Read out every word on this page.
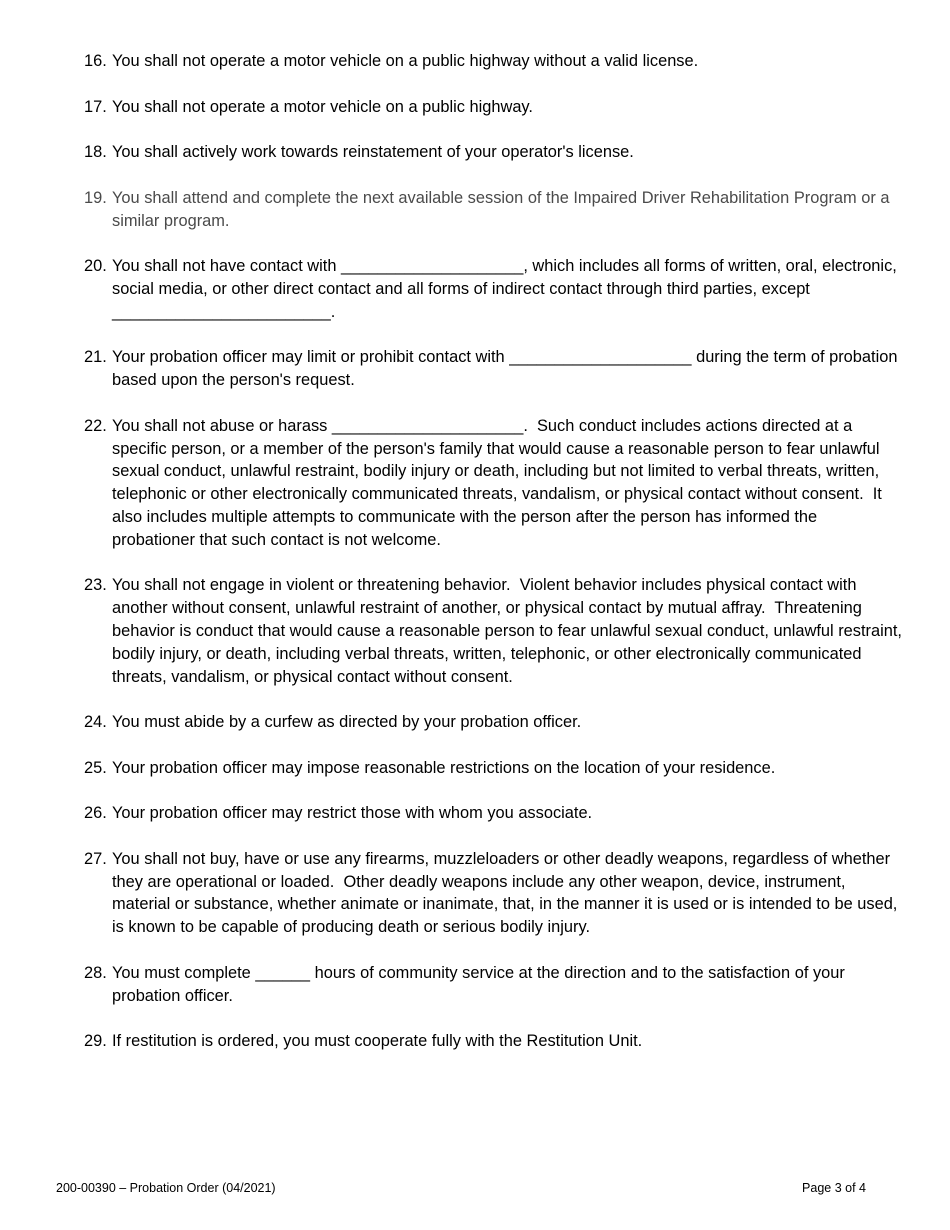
16. You shall not operate a motor vehicle on a public highway without a valid license.
17. You shall not operate a motor vehicle on a public highway.
18. You shall actively work towards reinstatement of your operator's license.
19. You shall attend and complete the next available session of the Impaired Driver Rehabilitation Program or a similar program.
20. You shall not have contact with ____________________, which includes all forms of written, oral, electronic, social media, or other direct contact and all forms of indirect contact through third parties, except ________________________.
21. Your probation officer may limit or prohibit contact with ____________________ during the term of probation based upon the person's request.
22. You shall not abuse or harass _____________________.  Such conduct includes actions directed at a specific person, or a member of the person's family that would cause a reasonable person to fear unlawful sexual conduct, unlawful restraint, bodily injury or death, including but not limited to verbal threats, written, telephonic or other electronically communicated threats, vandalism, or physical contact without consent.  It also includes multiple attempts to communicate with the person after the person has informed the probationer that such contact is not welcome.
23. You shall not engage in violent or threatening behavior.  Violent behavior includes physical contact with another without consent, unlawful restraint of another, or physical contact by mutual affray.  Threatening behavior is conduct that would cause a reasonable person to fear unlawful sexual conduct, unlawful restraint, bodily injury, or death, including verbal threats, written, telephonic, or other electronically communicated threats, vandalism, or physical contact without consent.
24. You must abide by a curfew as directed by your probation officer.
25. Your probation officer may impose reasonable restrictions on the location of your residence.
26. Your probation officer may restrict those with whom you associate.
27. You shall not buy, have or use any firearms, muzzleloaders or other deadly weapons, regardless of whether they are operational or loaded.  Other deadly weapons include any other weapon, device, instrument, material or substance, whether animate or inanimate, that, in the manner it is used or is intended to be used, is known to be capable of producing death or serious bodily injury.
28. You must complete ______ hours of community service at the direction and to the satisfaction of your probation officer.
29. If restitution is ordered, you must cooperate fully with the Restitution Unit.
200-00390 – Probation Order (04/2021)	Page 3 of 4
